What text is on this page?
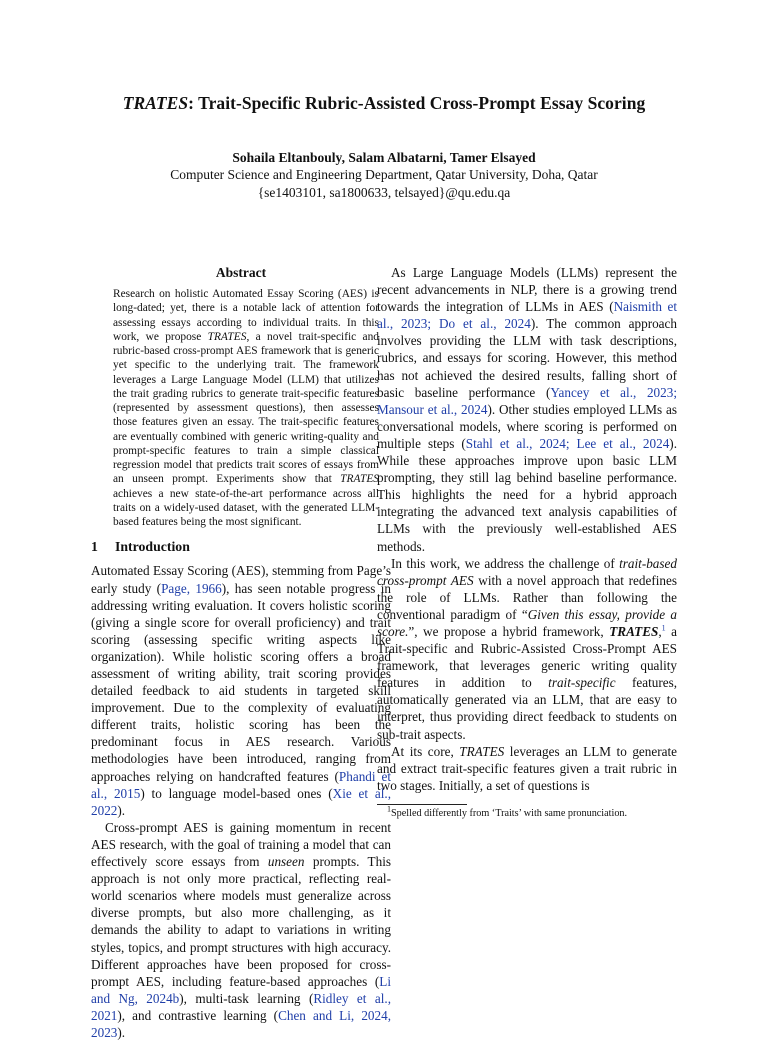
TRATES: Trait-Specific Rubric-Assisted Cross-Prompt Essay Scoring
Sohaila Eltanbouly, Salam Albatarni, Tamer Elsayed
Computer Science and Engineering Department, Qatar University, Doha, Qatar
{se1403101, sa1800633, telsayed}@qu.edu.qa
Abstract
Research on holistic Automated Essay Scoring (AES) is long-dated; yet, there is a notable lack of attention for assessing essays according to individual traits. In this work, we propose TRATES, a novel trait-specific and rubric-based cross-prompt AES framework that is generic yet specific to the underlying trait. The framework leverages a Large Language Model (LLM) that utilizes the trait grading rubrics to generate trait-specific features (represented by assessment questions), then assesses those features given an essay. The trait-specific features are eventually combined with generic writing-quality and prompt-specific features to train a simple classical regression model that predicts trait scores of essays from an unseen prompt. Experiments show that TRATES achieves a new state-of-the-art performance across all traits on a widely-used dataset, with the generated LLM-based features being the most significant.
1 Introduction

Automated Essay Scoring (AES), stemming from Page’s early study (Page, 1966), has seen notable progress in addressing writing evaluation. It covers holistic scoring (giving a single score for overall proficiency) and trait scoring (assessing specific writing aspects like organization). While holistic scoring offers a broad assessment of writing ability, trait scoring provides detailed feedback to aid students in targeted skill improvement. Due to the complexity of evaluating different traits, holistic scoring has been the predominant focus in AES research. Various methodologies have been introduced, ranging from approaches relying on handcrafted features (Phandi et al., 2015) to language model-based ones (Xie et al., 2022).

Cross-prompt AES is gaining momentum in recent AES research, with the goal of training a model that can effectively score essays from unseen prompts. This approach is not only more practical, reflecting real-world scenarios where models must generalize across diverse prompts, but also more challenging, as it demands the ability to adapt to variations in writing styles, topics, and prompt structures with high accuracy. Different approaches have been proposed for cross-prompt AES, including feature-based approaches (Li and Ng, 2024b), multi-task learning (Ridley et al., 2021), and contrastive learning (Chen and Li, 2024, 2023).

As Large Language Models (LLMs) represent the recent advancements in NLP, there is a growing trend towards the integration of LLMs in AES (Naismith et al., 2023; Do et al., 2024). The common approach involves providing the LLM with task descriptions, rubrics, and essays for scoring. However, this method has not achieved the desired results, falling short of basic baseline performance (Yancey et al., 2023; Mansour et al., 2024). Other studies employed LLMs as conversational models, where scoring is performed on multiple steps (Stahl et al., 2024; Lee et al., 2024). While these approaches improve upon basic LLM prompting, they still lag behind baseline performance. This highlights the need for a hybrid approach integrating the advanced text analysis capabilities of LLMs with the previously well-established AES methods.

In this work, we address the challenge of trait-based cross-prompt AES with a novel approach that redefines the role of LLMs. Rather than following the conventional paradigm of “Given this essay, provide a score.”, we propose a hybrid framework, TRATES,$^1$ a Trait-specific and Rubric-Assisted Cross-Prompt AES framework, that leverages generic writing quality features in addition to trait-specific features, automatically generated via an LLM, that are easy to interpret, thus providing direct feedback to students on sub-trait aspects.

At its core, TRATES leverages an LLM to generate and extract trait-specific features given a trait rubric in two stages. Initially, a set of questions is

$^1$Spelled differently from ‘Traits’ with same pronunciation.
